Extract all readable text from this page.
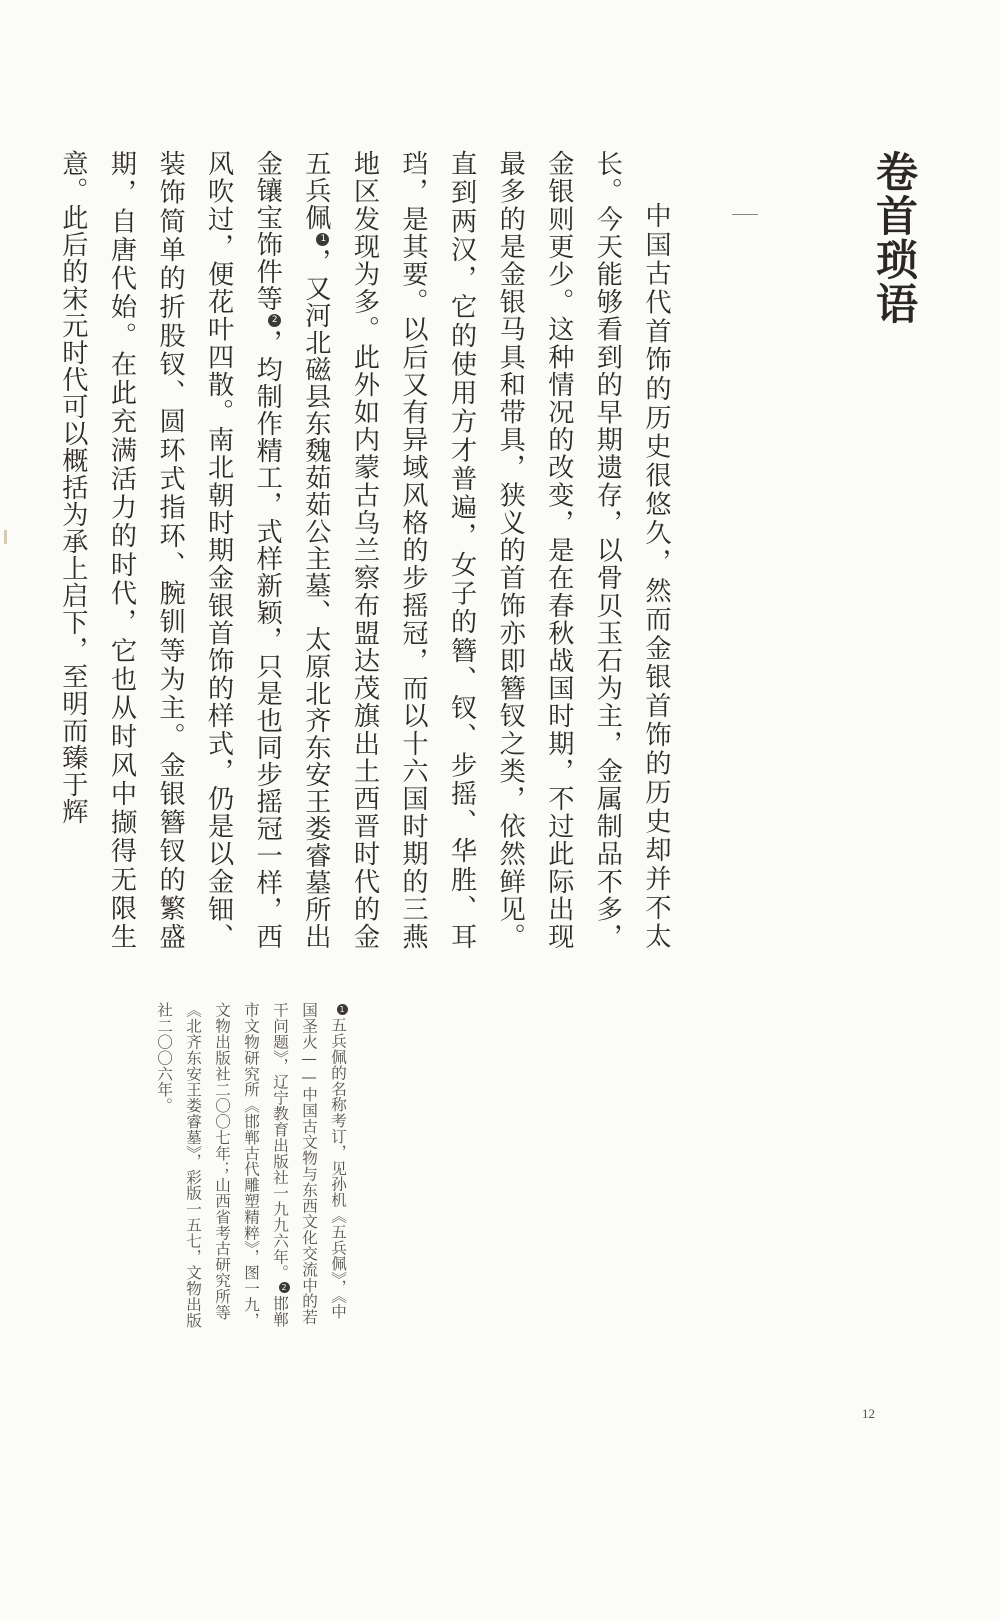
卷首琐语

中国古代首饰的历史很悠久，然而金银首饰的历史却并不太长。今天能够看到的早期遗存，以骨贝玉石为主，金属制品不多，金银则更少。这种情况的改变，是在春秋战国时期，不过此际出现最多的是金银马具和带具，狭义的首饰亦即簪钗之类，依然鲜见。直到两汉，它的使用方才普遍，女子的簪、钗、步摇、华胜、耳珰，是其要。以后又有异域风格的步摇冠，而以十六国时期的三燕地区发现为多。此外如内蒙古乌兰察布盟达茂旗出土西晋时代的金五兵佩1，又河北磁县东魏茹茹公主墓、太原北齐东安王娄睿墓所出金镶宝饰件等2，均制作精工，式样新颖，只是也同步摇冠一样，西风吹过，便花叶四散。南北朝时期金银首饰的样式，仍是以金钿、装饰简单的折股钗、圆环式指环、腕钏等为主。金银簪钗的繁盛期，自唐代始。在此充满活力的时代，它也从时风中撷得无限生意。此后的宋元时代可以概括为承上启下，至明而臻于辉

1五兵佩的名称考订，见孙机《五兵佩》，《中国圣火——中国古文物与东西文化交流中的若干问题》，辽宁教育出版社一九九六年。2邯郸市文物研究所《邯郸古代雕塑精粹》，图一九，文物出版社二〇〇七年；山西省考古研究所等《北齐东安王娄睿墓》，彩版一五七，文物出版社二〇〇六年。

12
